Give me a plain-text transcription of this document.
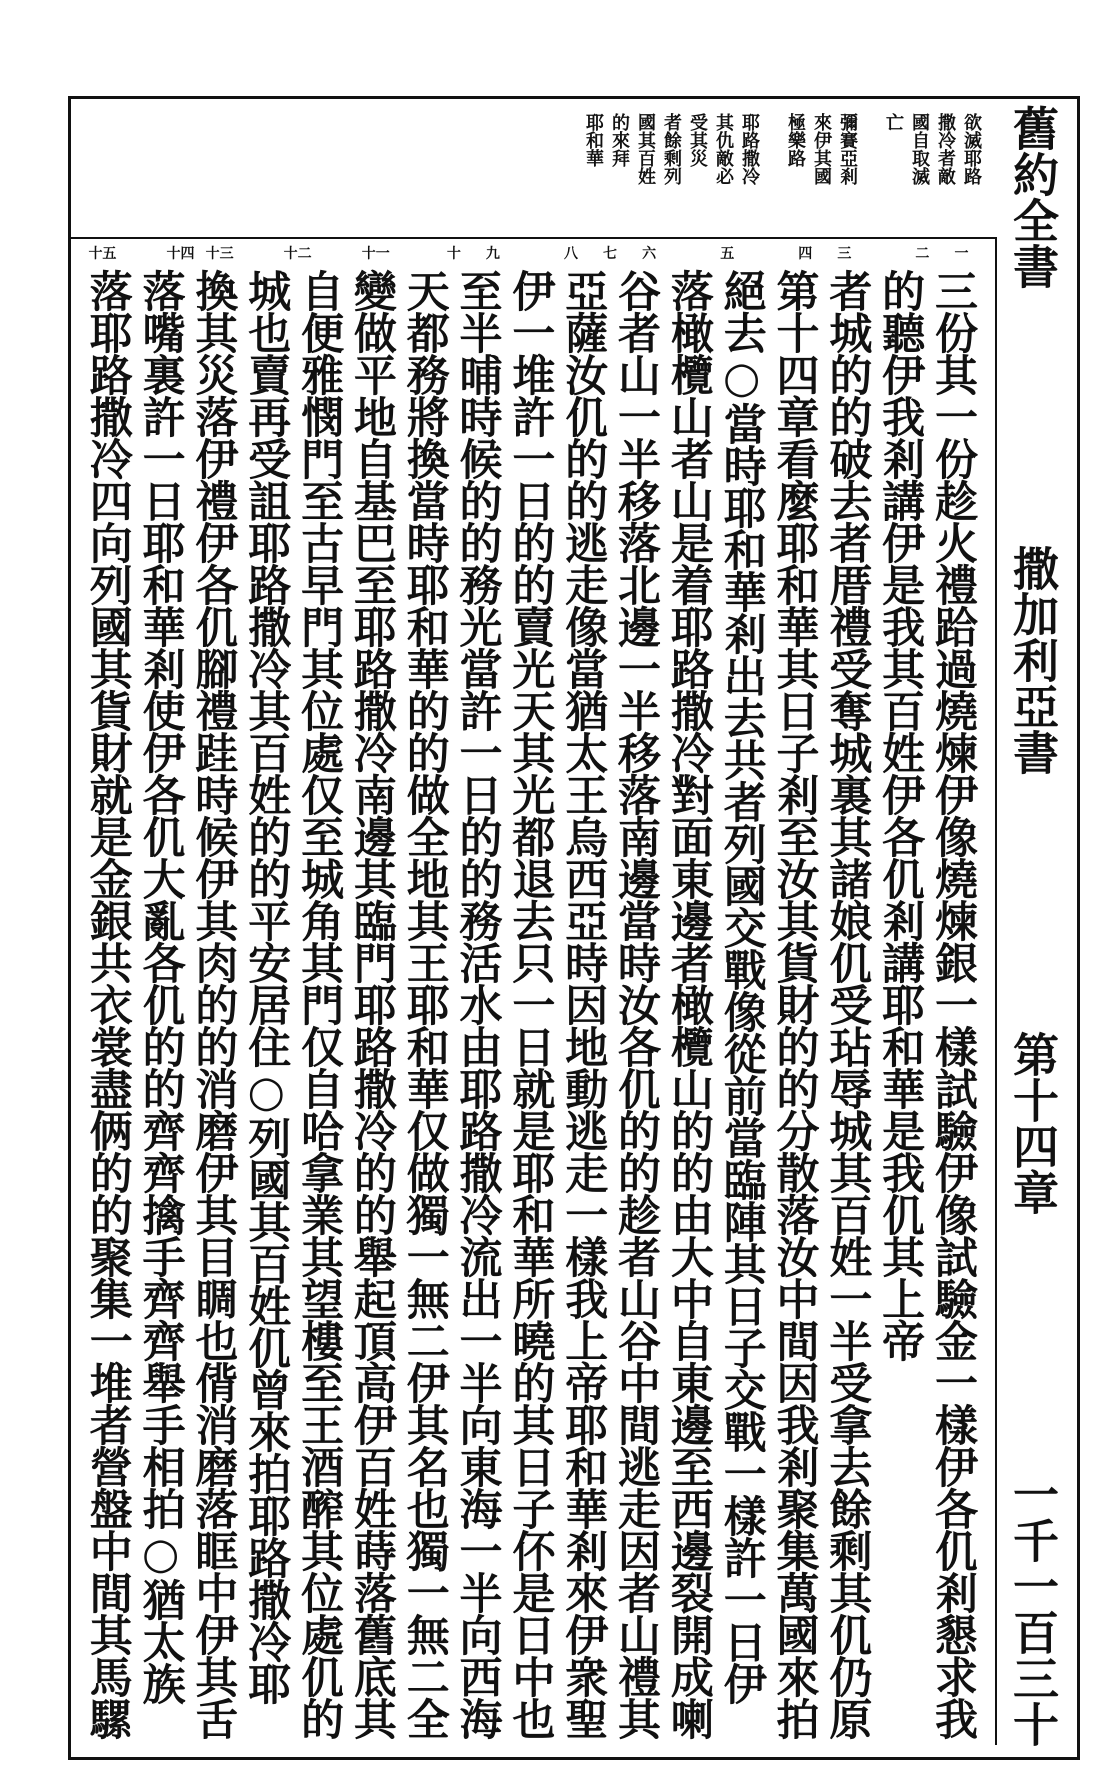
舊約全書
撒加利亞書
第十四章
一千一百三十
欲滅耶路
撒冷者敵
國自取滅
亡
彌賽亞剎
來伊其國
極樂路
耶路撒冷
其仇敵必
受其災
者餘剩列
國其百姓
的來拜
耶和華
一
二
三
四
五
六
七
八
九
十
十一
十二
十三
十四
十五
三份其一份趁火禮跲過燒煉伊像燒煉銀一樣試驗伊像試驗金一樣伊各仉剎懇求我
的聽伊我剎講伊是我其百姓伊各仉剎講耶和華是我仉其上帝
者城的的破去者厝禮受奪城裏其諸娘仉受玷辱城其百姓一半受拿去餘剩其仉仍原
第十四章看麼耶和華其日子剎至汝其貨財的的分散落汝中間因我剎聚集萬國來拍
絕去○當時耶和華剎出去共者列國交戰像從前當臨陣其日子交戰一樣許一日伊
落橄欖山者山是着耶路撒冷對面東邊者橄欖山的的由大中自東邊至西邊裂開成喇
谷者山一半移落北邊一半移落南邊當時汝各仉的的趁者山谷中間逃走因者山禮其
亞薩汝仉的的逃走像當猶太王烏西亞時因地動逃走一樣我上帝耶和華剎來伊衆聖
伊一堆許一日的的賣光天其光都退去只一日就是耶和華所曉的其日子伓是日中也
至半晡時候的的務光當許一日的的務活水由耶路撒冷流出一半向東海一半向西海
天都務將換當時耶和華的的做全地其王耶和華仅做獨一無二伊其名也獨一無二全
變做平地自基巴至耶路撒冷南邊其臨門耶路撒冷的的舉起頂高伊百姓蒔落舊底其
自便雅憫門至古早門其位處仅至城角其門仅自哈拿業其望樓至王酒醡其位處仉的
城也賣再受詛耶路撒冷其百姓的的平安居住○列國其百姓仉曾來拍耶路撒冷耶
換其災落伊禮伊各仉腳禮跬時候伊其肉的的消磨伊其目睭也偝消磨落眶中伊其舌
落嘴裏許一日耶和華剎使伊各仉大亂各仉的的齊齊擒手齊齊舉手相拍○猶太族
落耶路撒冷四向列國其貨財就是金銀共衣裳盡俩的的聚集一堆者營盤中間其馬騾
